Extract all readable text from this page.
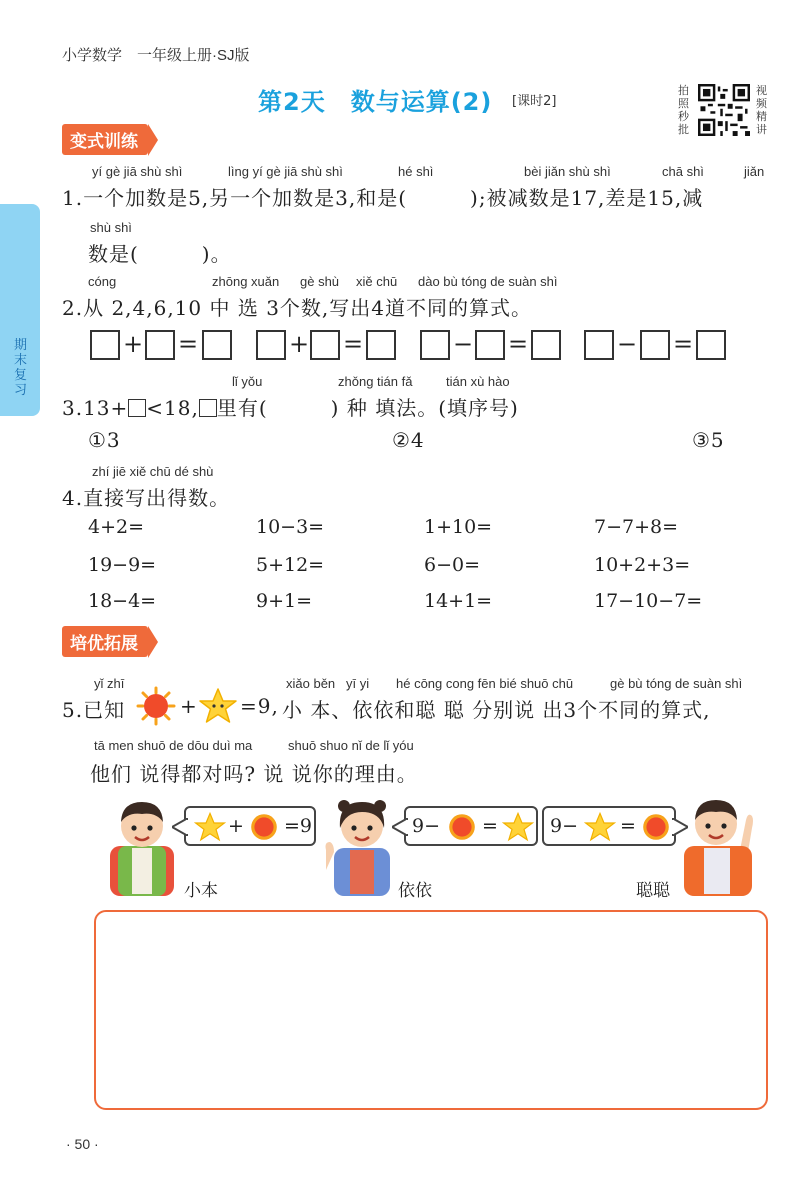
小学数学　一年级上册·SJ版
第2天　数与运算(2) [课时2]
拍照秒批
视频精讲
期末复习
变式训练
yí gè jiā shù shì	lìng yí gè jiā shù shì	hé shì	bèi jiǎn shù shì	chā shì	jiǎn
1.一个加数是5,另一个加数是3,和是(　　　);被减数是17,差是15,减
shù shì
数是(　　　)。
cóng	zhōng xuǎn gè shù xiě chū dào bù tóng de suàn shì
2.从 2,4,6,10 中 选 3个数,写出4道不同的算式。
+ =	+ =	− =	− =
lǐ yǒu	zhǒng tián fǎ	tián xù hào
3.13+ <18, 里有(　　　) 种 填法。(填序号)
①3	②4	③5
zhí jiē xiě chū dé shù
4.直接写出得数。
4+2=	10−3=	1+10=	7−7+8=
19−9=	5+12=	6−0=	10+2+3=
18−4=	9+1=	14+1=	17−10−7=
培优拓展
yǐ zhī	xiǎo běn yī yi hé cōng cong fēn bié shuō chū	gè bù tóng de suàn shì
5.已知	+ =9, 小 本、依依和聪 聪 分别说 出3个不同的算式,
tā men shuō de dōu duì ma	shuō shuo nǐ de lǐ yóu
他们 说得都对吗? 说 说你的理由。
小本	依依	聪聪
+ =9	9− =	9− =
· 50 ·
